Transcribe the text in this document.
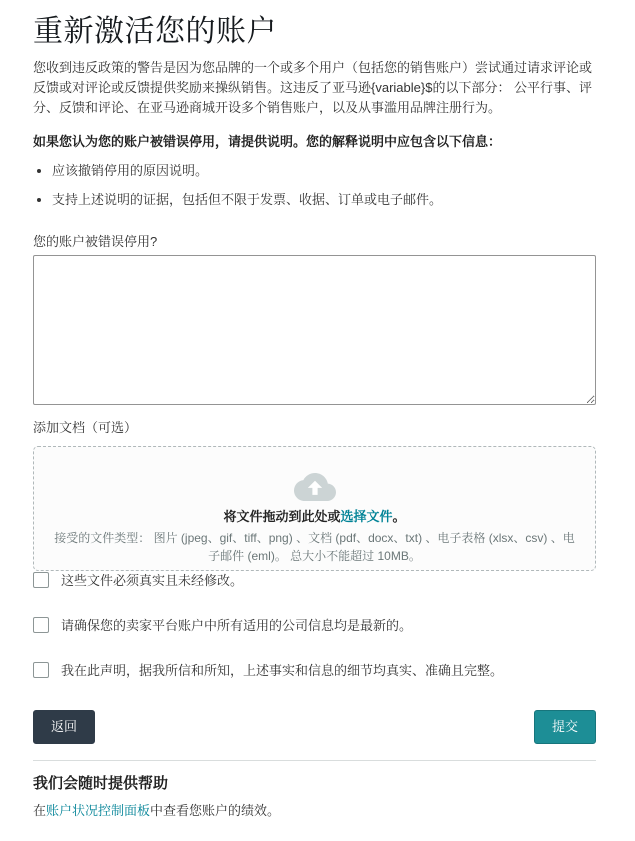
重新激活您的账户

您收到违反政策的警告是因为您品牌的一个或多个用户（包括您的销售账户）尝试通过请求评论或反馈或对评论或反馈提供奖励来操纵销售。这违反了亚马逊{variable}$的以下部分： 公平行事、评分、反馈和评论、在亚马逊商城开设多个销售账户，以及从事滥用品牌注册行为。

如果您认为您的账户被错误停用，请提供说明。您的解释说明中应包含以下信息：

• 应该撤销停用的原因说明。
• 支持上述说明的证据，包括但不限于发票、收据、订单或电子邮件。
您的账户被错误停用?
添加文档（可选）
将文件拖动到此处或选择文件。
接受的文件类型： 图片 (jpeg、gif、tiff、png) 、文档 (pdf、docx、txt) 、电子表格 (xlsx、csv) 、电子邮件 (eml)。 总大小不能超过 10MB。
这些文件必须真实且未经修改。
请确保您的卖家平台账户中所有适用的公司信息均是最新的。
我在此声明，据我所信和所知，上述事实和信息的细节均真实、准确且完整。
返回	提交
我们会随时提供帮助

在账户状况控制面板中查看您账户的绩效。
